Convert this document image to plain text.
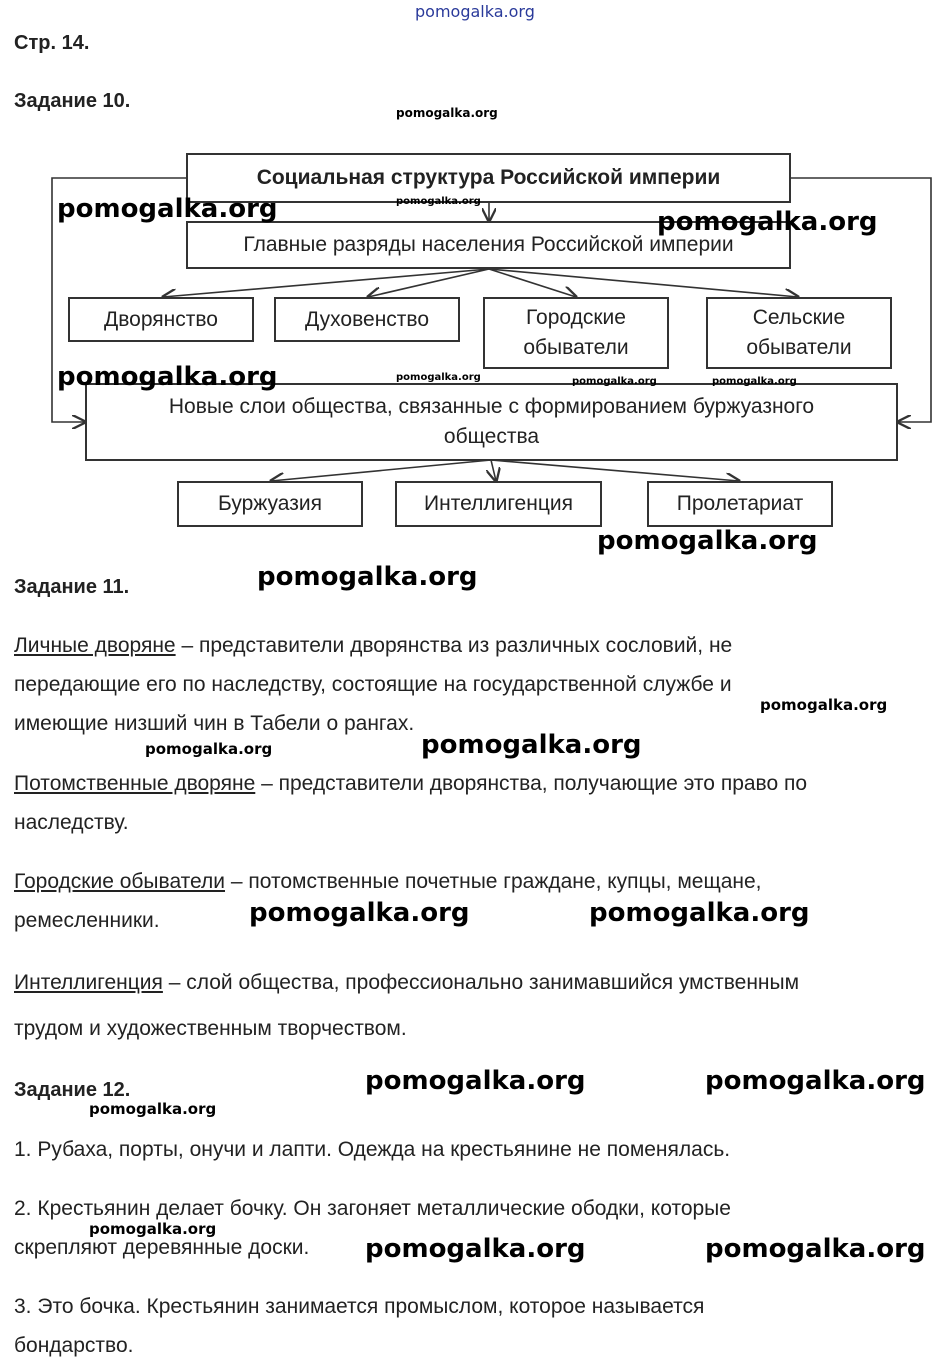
pomogalka.org
Стр. 14.
Задание 10.
Социальная структура Российской империи
Главные разряды населения Российской империи
Дворянство	Духовенство	Городские обыватели
Сельские обыватели
Новые слои общества, связанные с формированием буржуазного общества
Буржуазия	Интеллигенция	Пролетариат
Задание 11.
Личные дворяне – представители дворянства из различных сословий, не
передающие его по наследству, состоящие на государственной службе и
имеющие низший чин в Табели о рангах.
Потомственные дворяне – представители дворянства, получающие это право по
наследству.
Городские обыватели – потомственные почетные граждане, купцы, мещане,
ремесленники.
Интеллигенция – слой общества, профессионально занимавшийся умственным
трудом и художественным творчеством.
Задание 12.
1. Рубаха, порты, онучи и лапти. Одежда на крестьянине не поменялась.
2. Крестьянин делает бочку. Он загоняет металлические ободки, которые
скрепляют деревянные доски.
3. Это бочка. Крестьянин занимается промыслом, которое называется
бондарство.
pomogalka.org
pomogalka.org	pomogalka.org
pomogalka.org
pomogalka.org	pomogalka.org	pomogalka.org	pomogalka.org
pomogalka.org
pomogalka.org
pomogalka.org
pomogalka.org	pomogalka.org
pomogalka.org	pomogalka.org
pomogalka.org	pomogalka.org
pomogalka.org
pomogalka.org
pomogalka.org	pomogalka.org
